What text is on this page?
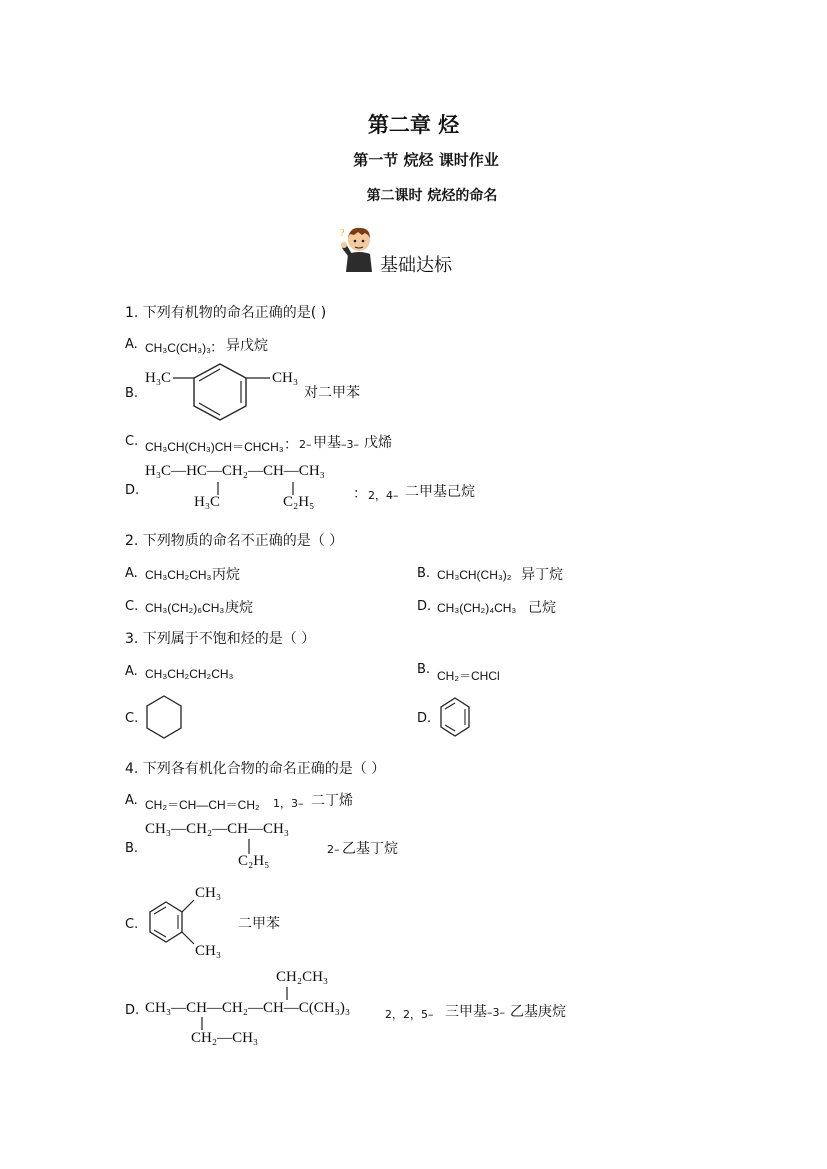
第二章 烃
第一节 烷烃 课时作业
第二课时 烷烃的命名
?
基础达标
1. 下列有机物的命名正确的是( )
A. CH₃C(CH₃)₃ ： 异戊烷
B.
H₃C	CH₃
对二甲苯
C. CH₃CH(CH₃)CH＝CHCH₃ ： 2– 甲基 –3– 戊烯
D.
H₃C—HC—CH₂—CH—CH₃
H₃C	C₂H₅	： 2，4– 二甲基己烷
2. 下列物质的命名不正确的是（ ）
A. CH₃CH₂CH₃ 丙烷	B. CH₃CH(CH₃)₂ 异丁烷
C. CH₃(CH₂)₆CH₃ 庚烷	D. CH₃(CH₂)₄CH₃ 己烷
3. 下列属于不饱和烃的是（ ）
A. CH₃CH₂CH₂CH₃	B. CH₂＝CHCl
C.	D.
4. 下列各有机化合物的命名正确的是（ ）
A. CH₂＝CH—CH＝CH₂ 1，3– 二丁烯
B.
CH₃—CH₂—CH—CH₃
C₂H₅
2– 乙基丁烷
C.
CH₃
CH₃
二甲苯
D.
CH₂CH₃
CH₃—CH—CH₂—CH—C(CH₃)₃
CH₂—CH₃
2，2，5– 三甲基 –3– 乙基庚烷
